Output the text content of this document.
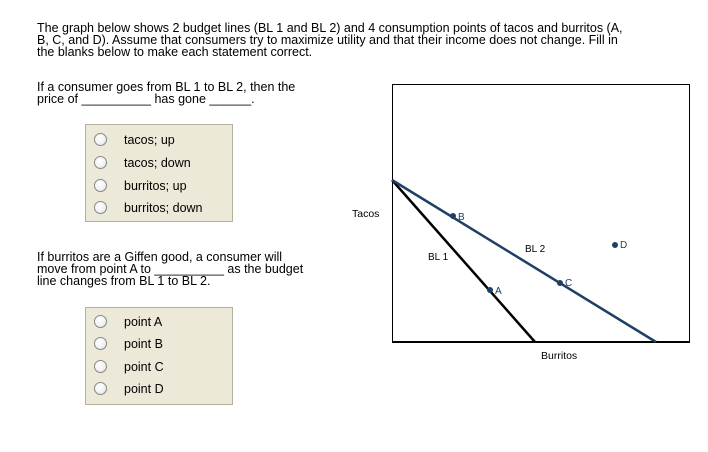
The graph below shows 2 budget lines (BL 1 and BL 2) and 4 consumption points of tacos and burritos (A,
B, C, and D). Assume that consumers try to maximize utility and that their income does not change. Fill in
the blanks below to make each statement correct.
If a consumer goes from BL 1 to BL 2, then the
price of __________ has gone ______.
tacos; up
tacos; down
burritos; up
burritos; down
If burritos are a Giffen good, a consumer will
move from point A to __________ as the budget
line changes from BL 1 to BL 2.
point A
point B
point C
point D
B
A
C
D
BL 1
BL 2
Tacos
Burritos
